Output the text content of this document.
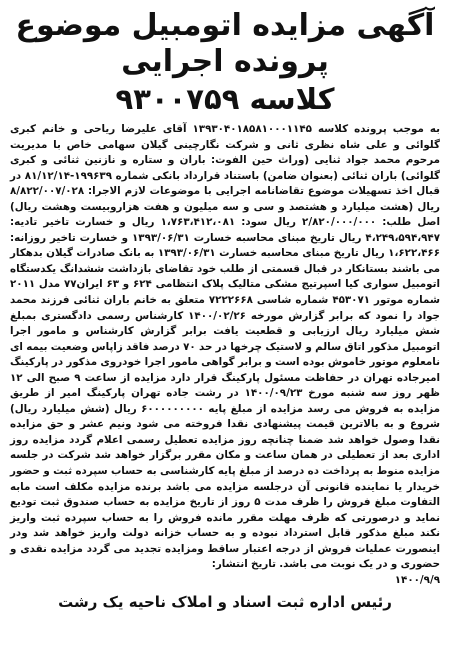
آگهی مزایده اتومبیل موضوع پرونده اجرایی
کلاسه ۹۳۰۰۷۵۹

به موجب پرونده کلاسه ۱۳۹۳۰۴۰۱۸۵۸۱۰۰۰۱۱۴۵ آقای علیرضا ریاحی و خانم کبری گلوائی و علی شاه نظری ثانی و شرکت نگارچینی گیلان سهامی خاص با مدیریت مرحوم محمد جواد ثنایی (وراث حین الفوت: باران و ستاره و نازنین ثنائی و کبری گلوائی) باران ثنائی (بعنوان ضامن) باستناد قرارداد بانکی شماره ۱۹۹۶۳۹-۸۱/۱۲/۱۴ در قبال اخذ تسهیلات موضوع تقاضانامه اجرایی با موضوعات لازم الاجرا: ۸/۸۲۲/۰۰۷/۰۲۸ ریال (هشت میلیارد و هشتصد و سی و سه میلیون و هفت هزاروبیست وهشت ریال) اصل طلب: ۲/۸۲۰/۰۰۰/۰۰۰ ریال سود: ۱،۷۶۳،۴۱۲،۰۸۱ ریال و خسارت تاخیر تادیه: ۴،۲۴۹،۵۹۴،۹۴۷ ریال تاریخ مبنای محاسبه خسارت ۱۳۹۳/۰۶/۳۱ و خسارت تاخیر روزانه: ۱،۶۲۲،۴۶۶ ریال تاریخ مبنای محاسبه خسارت ۱۳۹۳/۰۶/۳۱ به بانک صادرات گیلان بدهکار می باشند بستانکار در قبال قسمتی از طلب خود تقاضای بازداشت ششدانگ یکدستگاه اتومبیل سواری کیا اسپرتیج مشکی متالیک پلاک انتظامی ۶۲۴ و ۶۳ ایران۷۷ مدل ۲۰۱۱ شماره موتور ۴۵۳۰۷۱ شماره شاسی ۷۲۲۲۶۶۸ متعلق به خانم باران ثنائی فرزند محمد جواد را نمود که برابر گزارش مورخه ۱۴۰۰/۰۲/۲۶ کارشناس رسمی دادگستری بمبلغ شش میلیارد ریال ارزیابی و قطعیت یافت برابر گزارش کارشناس و مامور اجرا اتومبیل مذکور اتاق سالم و لاستیک چرخها در حد ۷۰ درصد فاقد زاپاس وضعیت بیمه ای نامعلوم موتور خاموش بوده است و برابر گواهی مامور اجرا خودروی مذکور در پارکینگ امیرجاده تهران در حفاظت مسئول پارکینگ قرار دارد مزایده از ساعت ۹ صبح الی ۱۲ ظهر روز سه شنبه مورخ ۱۴۰۰/۰۹/۲۳ در رشت جاده تهران پارکینگ امیر از طریق مزایده به فروش می رسد مزایده از مبلغ پایه ۶۰۰۰۰۰۰۰۰۰ ریال (شش میلیارد ریال) شروع و به بالاترین قیمت پیشنهادی نقدا فروخته می شود ونیم عشر و حق مزایده نقدا وصول خواهد شد ضمنا چنانچه روز مزایده تعطیل رسمی اعلام گردد مزایده روز اداری بعد از تعطیلی در همان ساعت و مکان مقرر برگزار خواهد شد شرکت در جلسه مزایده منوط به پرداخت ده درصد از مبلغ پایه کارشناسی به حساب سپرده ثبت و حضور خریدار یا نماینده قانونی آن درجلسه مزایده می باشد برنده مزایده مکلف است مابه التفاوت مبلغ فروش را ظرف مدت ۵ روز از تاریخ مزایده به حساب صندوق ثبت تودیع نماید و درصورتی که ظرف مهلت مقرر مانده فروش را به حساب سپرده ثبت واریز نکند مبلغ مذکور قابل استرداد نبوده و به حساب خزانه دولت واریز خواهد شد ودر اینصورت عملیات فروش از درجه اعتبار ساقط ومزایده تجدید می گردد مزایده نقدی و حضوری و در یک نوبت می باشد. تاریخ انتشار:

۱۴۰۰/۹/۹

رئیس اداره ثبت اسناد و املاک ناحیه یک رشت
